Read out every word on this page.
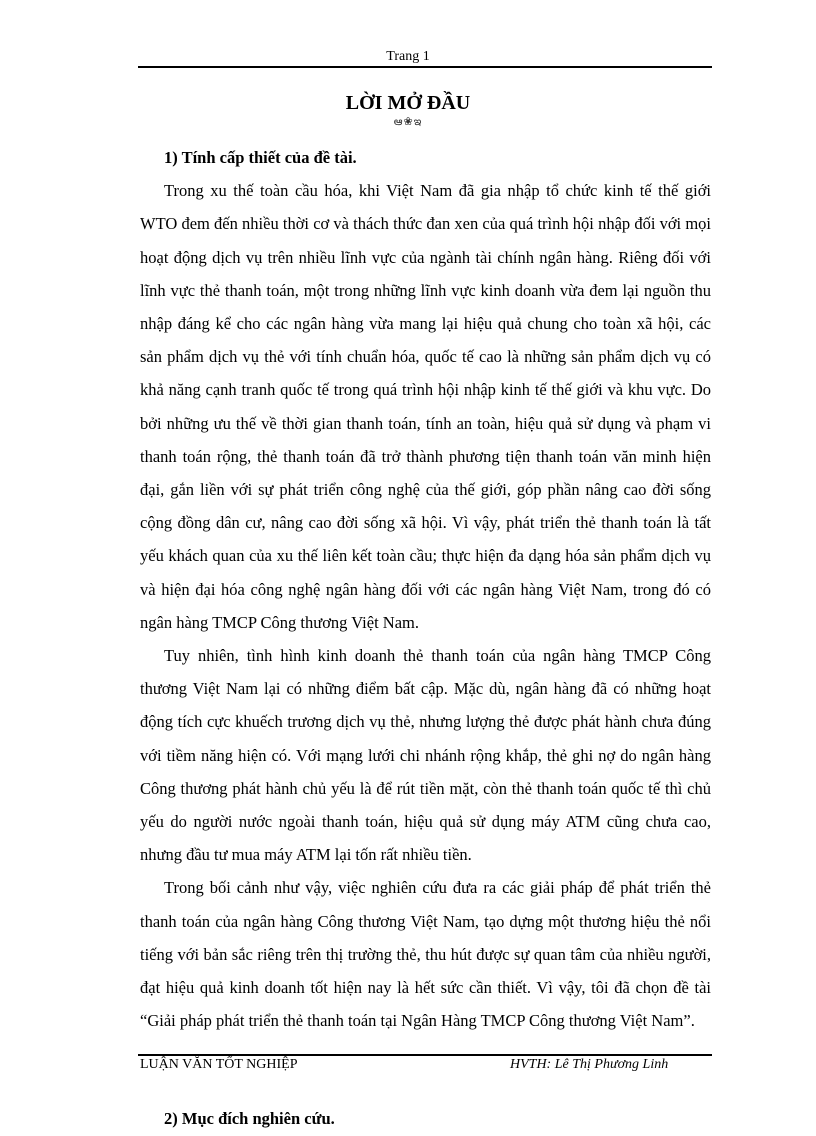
Trang 1
LỜI MỞ ĐẦU
ఆ❀ఇ
1) Tính cấp thiết của đề tài.

Trong xu thế toàn cầu hóa, khi Việt Nam đã gia nhập tổ chức kinh tế thế giới WTO đem đến nhiều thời cơ và thách thức đan xen của quá trình hội nhập đối với mọi hoạt động dịch vụ trên nhiều lĩnh vực của ngành tài chính ngân hàng. Riêng đối với lĩnh vực thẻ thanh toán, một trong những lĩnh vực kinh doanh vừa đem lại nguồn thu nhập đáng kể cho các ngân hàng vừa mang lại hiệu quả chung cho toàn xã hội, các sản phẩm dịch vụ thẻ với tính chuẩn hóa, quốc tế cao là những sản phẩm dịch vụ có khả năng cạnh tranh quốc tế trong quá trình hội nhập kinh tế thế giới và khu vực. Do bởi những ưu thế về thời gian thanh toán, tính an toàn, hiệu quả sử dụng và phạm vi thanh toán rộng, thẻ thanh toán đã trở thành phương tiện thanh toán văn minh hiện đại, gắn liền với sự phát triển công nghệ của thế giới, góp phần nâng cao đời sống cộng đồng dân cư, nâng cao đời sống xã hội. Vì vậy, phát triển thẻ thanh toán là tất yếu khách quan của xu thế liên kết toàn cầu; thực hiện đa dạng hóa sản phẩm dịch vụ và hiện đại hóa công nghệ ngân hàng đối với các ngân hàng Việt Nam, trong đó có ngân hàng TMCP Công thương Việt Nam.

Tuy nhiên, tình hình kinh doanh thẻ thanh toán của ngân hàng TMCP Công thương Việt Nam lại có những điểm bất cập. Mặc dù, ngân hàng đã có những hoạt động tích cực khuếch trương dịch vụ thẻ, nhưng lượng thẻ được phát hành chưa đúng với tiềm năng hiện có. Với mạng lưới chi nhánh rộng khắp, thẻ ghi nợ do ngân hàng Công thương phát hành chủ yếu là để rút tiền mặt, còn thẻ thanh toán quốc tế thì chủ yếu do người nước ngoài thanh toán, hiệu quả sử dụng máy ATM cũng chưa cao, nhưng đầu tư mua máy ATM lại tốn rất nhiều tiền.

Trong bối cảnh như vậy, việc nghiên cứu đưa ra các giải pháp để phát triển thẻ thanh toán của ngân hàng Công thương Việt Nam, tạo dựng một thương hiệu thẻ nổi tiếng với bản sắc riêng trên thị trường thẻ, thu hút được sự quan tâm của nhiều người, đạt hiệu quả kinh doanh tốt hiện nay là hết sức cần thiết. Vì vậy, tôi đã chọn đề tài “Giải pháp phát triển thẻ thanh toán tại Ngân Hàng TMCP Công thương Việt Nam”.

2) Mục đích nghiên cứu.
LUẬN VĂN TỐT NGHIỆP	HVTH: Lê Thị Phương Linh
